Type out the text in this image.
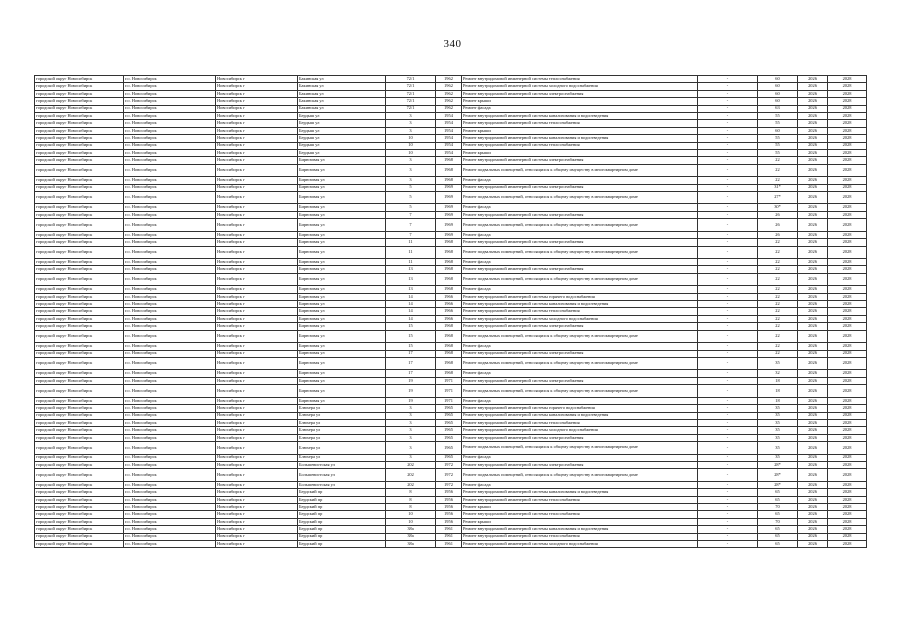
340
городской округ Новосибирск	г.о. Новосибирск	Новосибирск г	Бакинская ул	72/1	1962	Ремонт внутридомовой инженерной системы теплоснабжения	-	60	2026	2028
городской округ Новосибирск	г.о. Новосибирск	Новосибирск г	Бакинская ул	72/1	1962	Ремонт внутридомовой инженерной системы холодного водоснабжения	-	60	2026	2028
городской округ Новосибирск	г.о. Новосибирск	Новосибирск г	Бакинская ул	72/1	1962	Ремонт внутридомовой инженерной системы электроснабжения	-	60	2026	2028
городской округ Новосибирск	г.о. Новосибирск	Новосибирск г	Бакинская ул	72/1	1962	Ремонт крыши	-	60	2026	2028
городской округ Новосибирск	г.о. Новосибирск	Новосибирск г	Бакинская ул	72/1	1962	Ремонт фасада	-	63	2026	2028
городской округ Новосибирск	г.о. Новосибирск	Новосибирск г	Бердыш ул	3	1954	Ремонт внутридомовой инженерной системы канализования и водоотведения	-	55	2026	2028
городской округ Новосибирск	г.о. Новосибирск	Новосибирск г	Бердыш ул	3	1954	Ремонт внутридомовой инженерной системы теплоснабжения	-	55	2026	2028
городской округ Новосибирск	г.о. Новосибирск	Новосибирск г	Бердыш ул	3	1954	Ремонт крыши	-	60	2026	2028
городской округ Новосибирск	г.о. Новосибирск	Новосибирск г	Бердыш ул	10	1954	Ремонт внутридомовой инженерной системы канализования и водоотведения	-	55	2026	2028
городской округ Новосибирск	г.о. Новосибирск	Новосибирск г	Бердыш ул	10	1954	Ремонт внутридомовой инженерной системы теплоснабжения	-	55	2026	2028
городской округ Новосибирск	г.о. Новосибирск	Новосибирск г	Бердыш ул	10	1954	Ремонт крыши	-	55	2026	2028
городской округ Новосибирск	г.о. Новосибирск	Новосибирск г	Бирюзовая ул	3	1968	Ремонт внутридомовой инженерной системы электроснабжения	-	22	2026	2028
городской округ Новосибирск	г.о. Новосибирск	Новосибирск г	Бирюзовая ул	3	1968	Ремонт подвальных помещений, относящихся к общему имуществу в многоквартирном доме	-	22	2026	2028
городской округ Новосибирск	г.о. Новосибирск	Новосибирск г	Бирюзовая ул	3	1968	Ремонт фасада	-	22	2026	2028
городской округ Новосибирск	г.о. Новосибирск	Новосибирск г	Бирюзовая ул	5	1969	Ремонт внутридомовой инженерной системы электроснабжения	-	31*	2026	2028
городской округ Новосибирск	г.о. Новосибирск	Новосибирск г	Бирюзовая ул	5	1969	Ремонт подвальных помещений, относящихся к общему имуществу в многоквартирном доме	-	27*	2026	2028
городской округ Новосибирск	г.о. Новосибирск	Новосибирск г	Бирюзовая ул	5	1969	Ремонт фасада	-	30*	2026	2028
городской округ Новосибирск	г.о. Новосибирск	Новосибирск г	Бирюзовая ул	7	1969	Ремонт внутридомовой инженерной системы электроснабжения	-	26	2026	2028
городской округ Новосибирск	г.о. Новосибирск	Новосибирск г	Бирюзовая ул	7	1969	Ремонт подвальных помещений, относящихся к общему имуществу в многоквартирном доме	-	26	2026	2028
городской округ Новосибирск	г.о. Новосибирск	Новосибирск г	Бирюзовая ул	7	1969	Ремонт фасада	-	26	2026	2028
городской округ Новосибирск	г.о. Новосибирск	Новосибирск г	Бирюзовая ул	11	1968	Ремонт внутридомовой инженерной системы электроснабжения	-	22	2026	2028
городской округ Новосибирск	г.о. Новосибирск	Новосибирск г	Бирюзовая ул	11	1968	Ремонт подвальных помещений, относящихся к общему имуществу в многоквартирном доме	-	22	2026	2028
городской округ Новосибирск	г.о. Новосибирск	Новосибирск г	Бирюзовая ул	11	1968	Ремонт фасада	-	22	2026	2028
городской округ Новосибирск	г.о. Новосибирск	Новосибирск г	Бирюзовая ул	13	1968	Ремонт внутридомовой инженерной системы электроснабжения	-	22	2026	2028
городской округ Новосибирск	г.о. Новосибирск	Новосибирск г	Бирюзовая ул	13	1968	Ремонт подвальных помещений, относящихся к общему имуществу в многоквартирном доме	-	22	2026	2028
городской округ Новосибирск	г.о. Новосибирск	Новосибирск г	Бирюзовая ул	13	1968	Ремонт фасада	-	22	2026	2028
городской округ Новосибирск	г.о. Новосибирск	Новосибирск г	Бирюзовая ул	14	1966	Ремонт внутридомовой инженерной системы горячего водоснабжения	-	22	2026	2028
городской округ Новосибирск	г.о. Новосибирск	Новосибирск г	Бирюзовая ул	14	1966	Ремонт внутридомовой инженерной системы канализования и водоотведения	-	22	2026	2028
городской округ Новосибирск	г.о. Новосибирск	Новосибирск г	Бирюзовая ул	14	1966	Ремонт внутридомовой инженерной системы теплоснабжения	-	22	2026	2028
городской округ Новосибирск	г.о. Новосибирск	Новосибирск г	Бирюзовая ул	14	1966	Ремонт внутридомовой инженерной системы холодного водоснабжения	-	22	2026	2028
городской округ Новосибирск	г.о. Новосибирск	Новосибирск г	Бирюзовая ул	15	1968	Ремонт внутридомовой инженерной системы электроснабжения	-	22	2026	2028
городской округ Новосибирск	г.о. Новосибирск	Новосибирск г	Бирюзовая ул	15	1968	Ремонт подвальных помещений, относящихся к общему имуществу в многоквартирном доме	-	22	2026	2028
городской округ Новосибирск	г.о. Новосибирск	Новосибирск г	Бирюзовая ул	15	1968	Ремонт фасада	-	22	2026	2028
городской округ Новосибирск	г.о. Новосибирск	Новосибирск г	Бирюзовая ул	17	1968	Ремонт внутридомовой инженерной системы электроснабжения	-	22	2026	2028
городской округ Новосибирск	г.о. Новосибирск	Новосибирск г	Бирюзовая ул	17	1968	Ремонт подвальных помещений, относящихся к общему имуществу в многоквартирном доме	-	35	2026	2028
городской округ Новосибирск	г.о. Новосибирск	Новосибирск г	Бирюзовая ул	17	1968	Ремонт фасада	-	32	2026	2028
городской округ Новосибирск	г.о. Новосибирск	Новосибирск г	Бирюзовая ул	19	1971	Ремонт внутридомовой инженерной системы электроснабжения	-	18	2026	2028
городской округ Новосибирск	г.о. Новосибирск	Новосибирск г	Бирюзовая ул	19	1971	Ремонт подвальных помещений, относящихся к общему имуществу в многоквартирном доме	-	18	2026	2028
городской округ Новосибирск	г.о. Новосибирск	Новосибирск г	Бирюзовая ул	19	1971	Ремонт фасада	-	18	2026	2028
городской округ Новосибирск	г.о. Новосибирск	Новосибирск г	Блюхера ул	3	1965	Ремонт внутридомовой инженерной системы горячего водоснабжения	-	35	2026	2028
городской округ Новосибирск	г.о. Новосибирск	Новосибирск г	Блюхера ул	3	1965	Ремонт внутридомовой инженерной системы канализования и водоотведения	-	35	2026	2028
городской округ Новосибирск	г.о. Новосибирск	Новосибирск г	Блюхера ул	3	1965	Ремонт внутридомовой инженерной системы теплоснабжения	-	35	2026	2028
городской округ Новосибирск	г.о. Новосибирск	Новосибирск г	Блюхера ул	3	1965	Ремонт внутридомовой инженерной системы холодного водоснабжения	-	35	2026	2028
городской округ Новосибирск	г.о. Новосибирск	Новосибирск г	Блюхера ул	3	1965	Ремонт внутридомовой инженерной системы электроснабжения	-	35	2026	2028
городской округ Новосибирск	г.о. Новосибирск	Новосибирск г	Блюхера ул	3	1965	Ремонт подвальных помещений, относящихся к общему имуществу в многоквартирном доме	-	35	2026	2028
городской округ Новосибирск	г.о. Новосибирск	Новосибирск г	Блюхера ул	3	1965	Ремонт фасада	-	35	2026	2028
городской округ Новосибирск	г.о. Новосибирск	Новосибирск г	Большевистская ул	202	1972	Ремонт внутридомовой инженерной системы электроснабжения	-	28*	2026	2028
городской округ Новосибирск	г.о. Новосибирск	Новосибирск г	Большевистская ул	202	1972	Ремонт подвальных помещений, относящихся к общему имуществу в многоквартирном доме	-	28*	2026	2028
городской округ Новосибирск	г.о. Новосибирск	Новосибирск г	Большевистская ул	202	1972	Ремонт фасада	-	28*	2026	2028
городской округ Новосибирск	г.о. Новосибирск	Новосибирск г	Бердский пр	8	1956	Ремонт внутридомовой инженерной системы канализования и водоотведения	-	65	2026	2028
городской округ Новосибирск	г.о. Новосибирск	Новосибирск г	Бердский пр	8	1956	Ремонт внутридомовой инженерной системы теплоснабжения	-	65	2026	2028
городской округ Новосибирск	г.о. Новосибирск	Новосибирск г	Бердский пр	8	1956	Ремонт крыши	-	70	2026	2028
городской округ Новосибирск	г.о. Новосибирск	Новосибирск г	Бердский пр	10	1956	Ремонт внутридомовой инженерной системы теплоснабжения	-	65	2026	2028
городской округ Новосибирск	г.о. Новосибирск	Новосибирск г	Бердский пр	10	1956	Ремонт крыши	-	70	2026	2028
городской округ Новосибирск	г.о. Новосибирск	Новосибирск г	Бердский пр	38а	1961	Ремонт внутридомовой инженерной системы канализования и водоотведения	-	65	2026	2028
городской округ Новосибирск	г.о. Новосибирск	Новосибирск г	Бердский пр	38а	1961	Ремонт внутридомовой инженерной системы теплоснабжения	-	65	2026	2028
городской округ Новосибирск	г.о. Новосибирск	Новосибирск г	Бердский пр	38а	1961	Ремонт внутридомовой инженерной системы холодного водоснабжения	-	65	2026	2028
